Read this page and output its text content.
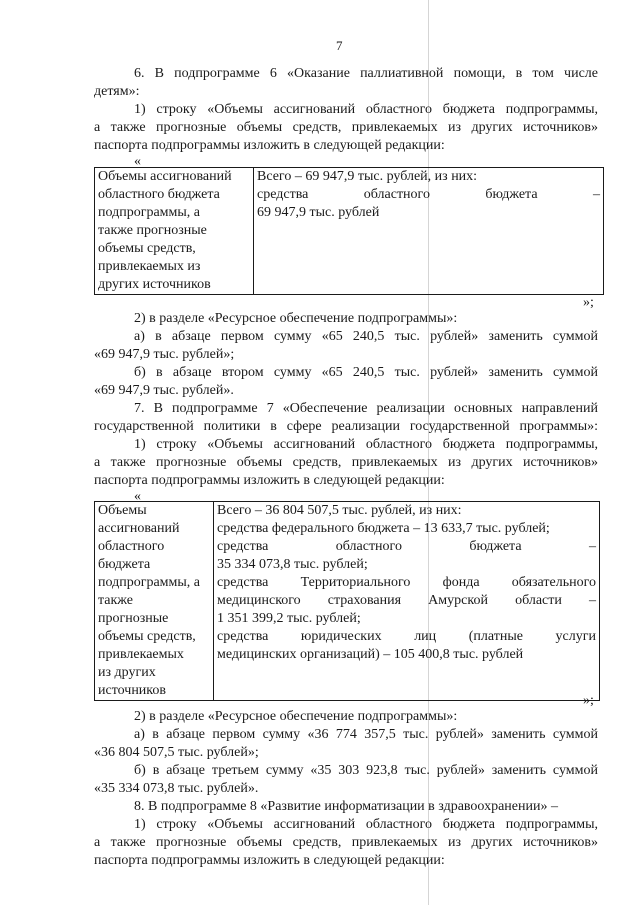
7
6. В подпрограмме 6 «Оказание паллиативной помощи, в том числе
детям»:
1) строку «Объемы ассигнований областного бюджета подпрограммы,
а также прогнозные объемы средств, привлекаемых из других источников»
паспорта подпрограммы изложить в следующей редакции:
«
Объемы ассигнований
областного бюджета
подпрограммы, а
также прогнозные
объемы средств,
привлекаемых из
других источников

Всего – 69 947,9 тыс. рублей, из них:
средства	областного	бюджета	–
69 947,9 тыс. рублей
»;
2) в разделе «Ресурсное обеспечение подпрограммы»:
а) в абзаце первом сумму «65 240,5 тыс. рублей» заменить суммой
«69 947,9 тыс. рублей»;
б) в абзаце втором сумму «65 240,5 тыс. рублей» заменить суммой
«69 947,9 тыс. рублей».
7. В подпрограмме 7 «Обеспечение реализации основных направлений
государственной политики в сфере реализации государственной программы»:
1) строку «Объемы ассигнований областного бюджета подпрограммы,
а также прогнозные объемы средств, привлекаемых из других источников»
паспорта подпрограммы изложить в следующей редакции:
«
Объемы
ассигнований
областного
бюджета
подпрограммы, а
также
прогнозные
объемы средств,
привлекаемых
из других
источников

Всего – 36 804 507,5 тыс. рублей, из них:
средства федерального бюджета – 13 633,7 тыс. рублей;
средства	областного	бюджета	–
35 334 073,8 тыс. рублей;
средства Территориального фонда обязательного
медицинского страхования Амурской области –
1 351 399,2 тыс. рублей;
средства юридических лиц (платные услуги
медицинских организаций) – 105 400,8 тыс. рублей
»;
2) в разделе «Ресурсное обеспечение подпрограммы»:
а) в абзаце первом сумму «36 774 357,5 тыс. рублей» заменить суммой
«36 804 507,5 тыс. рублей»;
б) в абзаце третьем сумму «35 303 923,8 тыс. рублей» заменить суммой
«35 334 073,8 тыс. рублей».
8. В подпрограмме 8 «Развитие информатизации в здравоохранении» –
1) строку «Объемы ассигнований областного бюджета подпрограммы,
а также прогнозные объемы средств, привлекаемых из других источников»
паспорта подпрограммы изложить в следующей редакции:
